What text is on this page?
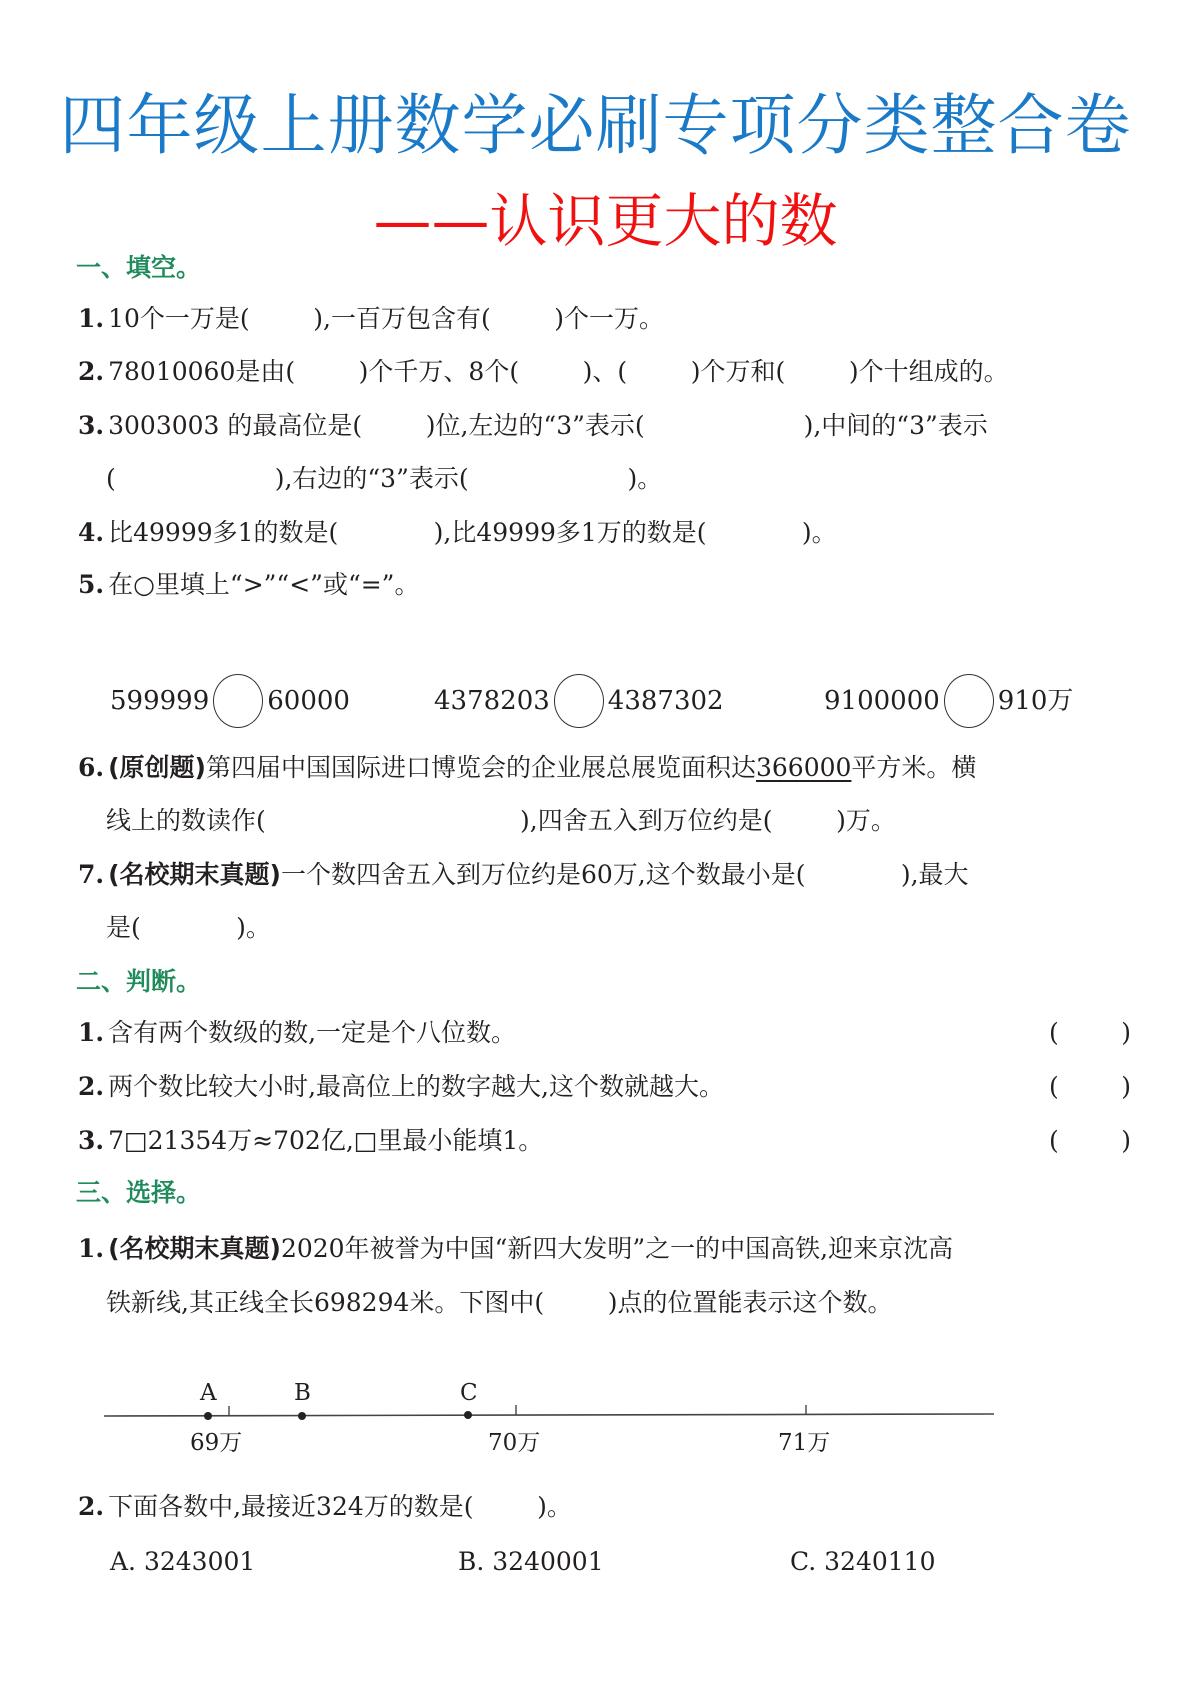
四年级上册数学必刷专项分类整合卷
——认识更大的数
一、填空。
1. 10个一万是(        ),一百万包含有(        )个一万。
2. 78010060是由(        )个千万、8个(        )、(        )个万和(        )个十组成的。
3. 3003003 的最高位是(        )位,左边的“3”表示(                    ),中间的“3”表示
(                    ),右边的“3”表示(                    )。
4. 比49999多1的数是(            ),比49999多1万的数是(            )。
5. 在○里填上“>”“<”或“=”。
599999 60000	4378203 4387302	9100000 910万
6. (原创题)第四届中国国际进口博览会的企业展总展览面积达366000平方米。横
线上的数读作(                                ),四舍五入到万位约是(        )万。
7. (名校期末真题)一个数四舍五入到万位约是60万,这个数最小是(            ),最大
是(            )。
二、判断。
1. 含有两个数级的数,一定是个八位数。	( )
2. 两个数比较大小时,最高位上的数字越大,这个数就越大。	( )
3. 7□21354万≈702亿,□里最小能填1。	( )
三、选择。
1. (名校期末真题)2020年被誉为中国“新四大发明”之一的中国高铁,迎来京沈高
铁新线,其正线全长698294米。下图中(        )点的位置能表示这个数。
A	B	C
69万	70万	71万
2. 下面各数中,最接近324万的数是(        )。
A. 3243001	B. 3240001	C. 3240110
